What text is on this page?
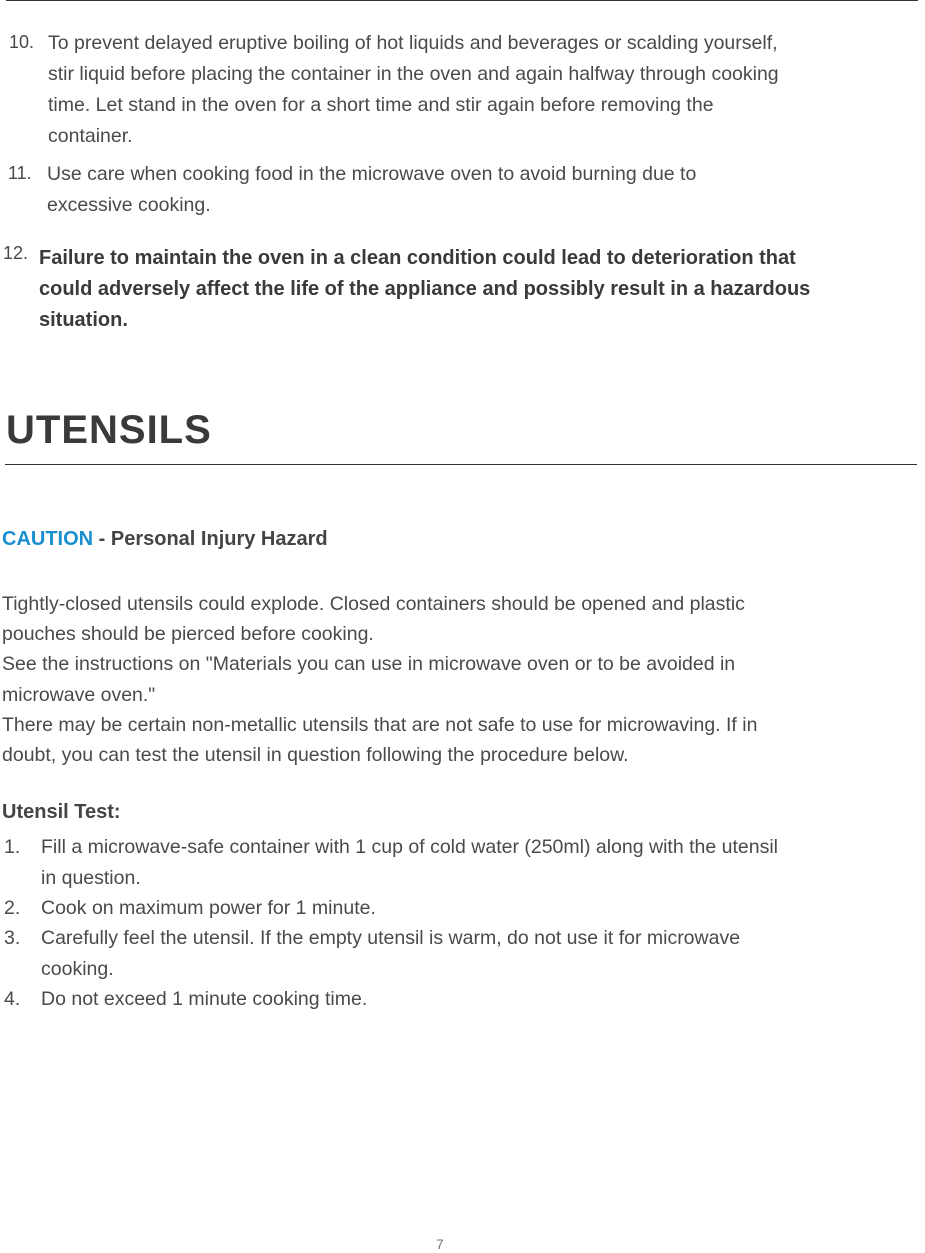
10. To prevent delayed eruptive boiling of hot liquids and beverages or scalding yourself,
stir liquid before placing the container in the oven and again halfway through cooking
time. Let stand in the oven for a short time and stir again before removing the
container.
11. Use care when cooking food in the microwave oven to avoid burning due to
excessive cooking.
12. Failure to maintain the oven in a clean condition could lead to deterioration that
could adversely affect the life of the appliance and possibly result in a hazardous
situation.
UTENSILS
CAUTION - Personal Injury Hazard
Tightly-closed utensils could explode. Closed containers should be opened and plastic
pouches should be pierced before cooking.
See the instructions on "Materials you can use in microwave oven or to be avoided in
microwave oven."
There may be certain non-metallic utensils that are not safe to use for microwaving. If in
doubt, you can test the utensil in question following the procedure below.
Utensil Test:
1. Fill a microwave-safe container with 1 cup of cold water (250ml) along with the utensil
in question.
2. Cook on maximum power for 1 minute.
3. Carefully feel the utensil. If the empty utensil is warm, do not use it for microwave
cooking.
4. Do not exceed 1 minute cooking time.
7
